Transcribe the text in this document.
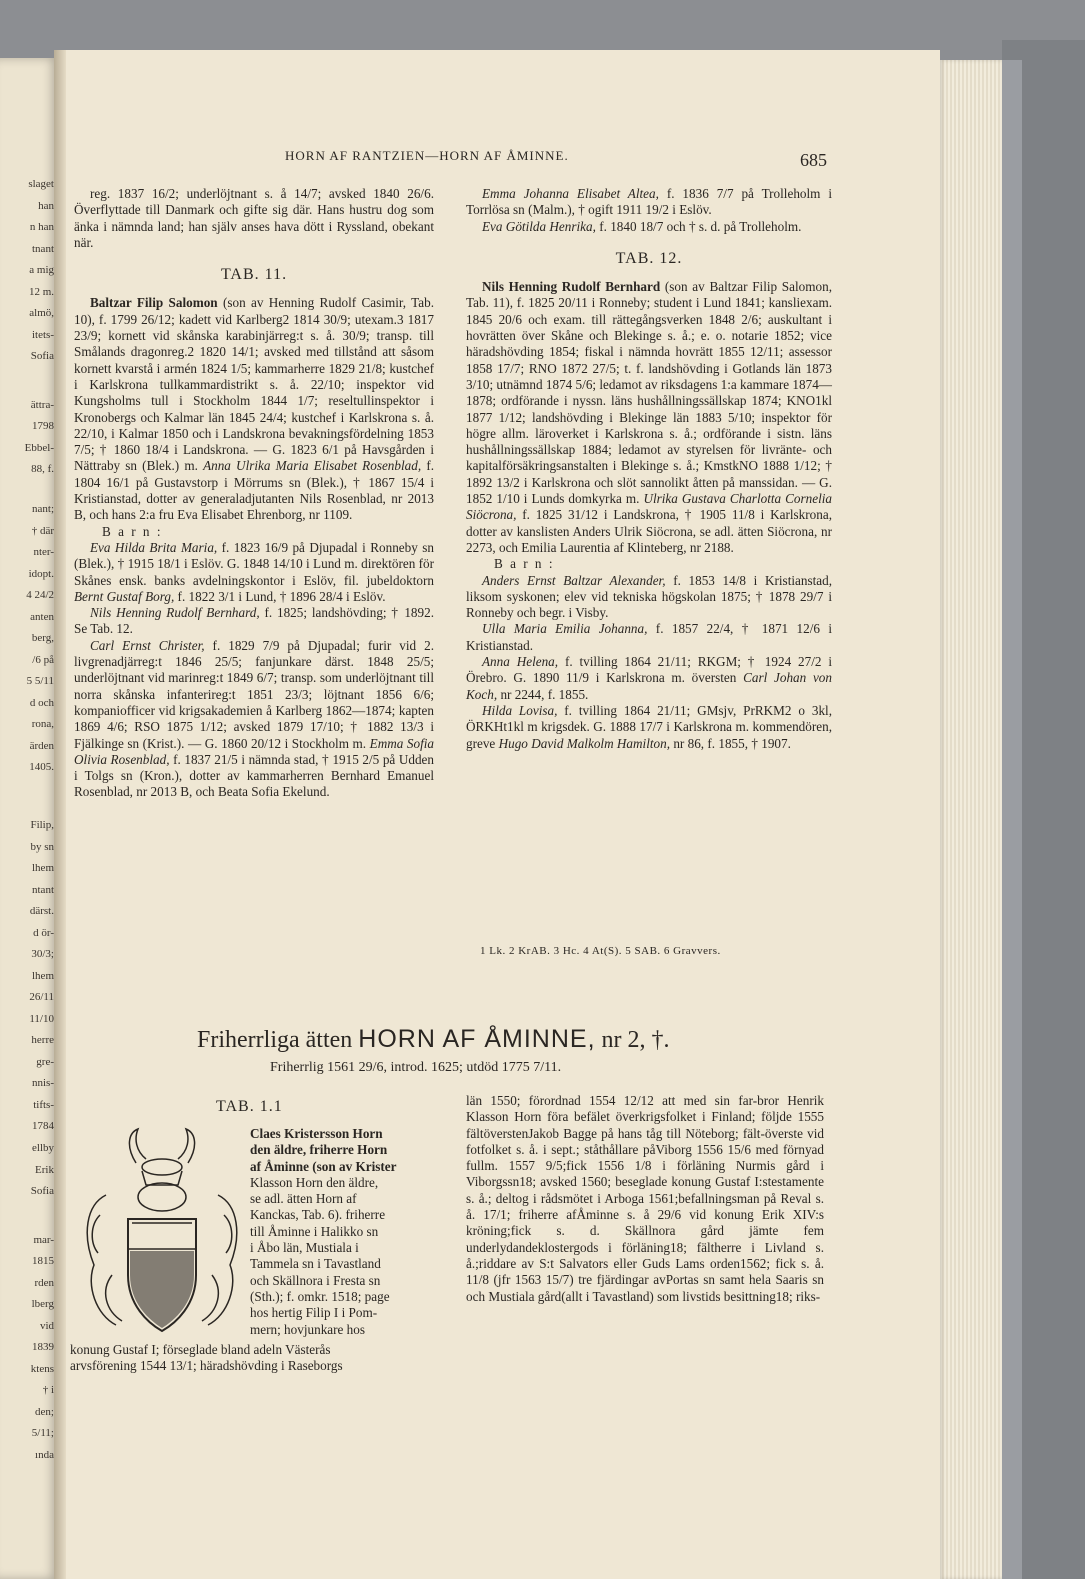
slaget
han
n han
tnant
a mig
12 m.
almö,
itets-
Sofia
ättra-
1798
Ebbel-
88, f.
nant;
† där
nter-
idopt.
4 24/2
anten
berg,
/6 på
5 5/11
d och
rona,
ärden
1405.
Filip,
by sn
lhem
ntant
därst.
d ör-
30/3;
lhem
26/11
11/10
herre
gre-
nnis-
tifts-
1784
ellby
Erik
Sofia
mar-
1815
rden
lberg
vid
1839
ktens
† i
den;
5/11;
ında
HORN AF RANTZIEN—HORN AF ÅMINNE.	685

reg. 1837 16/2; underlöjtnant s. å 14/7; avsked 1840 26/6. Överflyttade till Danmark och gifte sig där. Hans hustru dog som änka i nämnda land; han själv anses hava dött i Ryssland, obekant när.

TAB. 11.

Baltzar Filip Salomon (son av Henning Rudolf Casimir, Tab. 10), f. 1799 26/12; kadett vid Karlberg2 1814 30/9; utexam.3 1817 23/9; kornett vid skånska karabinjärreg:t s. å. 30/9; transp. till Smålands dragonreg.2 1820 14/1; avsked med tillstånd att såsom kornett kvarstå i armén 1824 1/5; kammarherre 1829 21/8; kustchef i Karlskrona tullkammardistrikt s. å. 22/10; inspektor vid Kungsholms tull i Stockholm 1844 1/7; reseltullinspektor i Kronobergs och Kalmar län 1845 24/4; kustchef i Karlskrona s. å. 22/10, i Kalmar 1850 och i Landskrona bevakningsfördelning 1853 7/5; † 1860 18/4 i Landskrona. — G. 1823 6/1 på Havsgården i Nättraby sn (Blek.) m. Anna Ulrika Maria Elisabet Rosenblad, f. 1804 16/1 på Gustavstorp i Mörrums sn (Blek.), † 1867 15/4 i Kristianstad, dotter av generaladjutanten Nils Rosenblad, nr 2013 B, och hans 2:a fru Eva Elisabet Ehrenborg, nr 1109.

B a r n :

Eva Hilda Brita Maria, f. 1823 16/9 på Djupadal i Ronneby sn (Blek.), † 1915 18/1 i Eslöv. G. 1848 14/10 i Lund m. direktören för Skånes ensk. banks avdelningskontor i Eslöv, fil. jubeldoktorn Bernt Gustaf Borg, f. 1822 3/1 i Lund, † 1896 28/4 i Eslöv.

Nils Henning Rudolf Bernhard, f. 1825; landshövding; † 1892. Se Tab. 12.

Carl Ernst Christer, f. 1829 7/9 på Djupadal; furir vid 2. livgrenadjärreg:t 1846 25/5; fanjunkare därst. 1848 25/5; underlöjtnant vid marinreg:t 1849 6/7; transp. som underlöjtnant till norra skånska infanterireg:t 1851 23/3; löjtnant 1856 6/6; kompaniofficer vid krigsakademien å Karlberg 1862—1874; kapten 1869 4/6; RSO 1875 1/12; avsked 1879 17/10; † 1882 13/3 i Fjälkinge sn (Krist.). — G. 1860 20/12 i Stockholm m. Emma Sofia Olivia Rosenblad, f. 1837 21/5 i nämnda stad, † 1915 2/5 på Udden i Tolgs sn (Kron.), dotter av kammarherren Bernhard Emanuel Rosenblad, nr 2013 B, och Beata Sofia Ekelund.

Emma Johanna Elisabet Altea, f. 1836 7/7 på Trolleholm i Torrlösa sn (Malm.), † ogift 1911 19/2 i Eslöv.

Eva Götilda Henrika, f. 1840 18/7 och † s. d. på Trolleholm.

TAB. 12.

Nils Henning Rudolf Bernhard (son av Baltzar Filip Salomon, Tab. 11), f. 1825 20/11 i Ronneby; student i Lund 1841; kansliexam. 1845 20/6 och exam. till rättegångsverken 1848 2/6; auskultant i hovrätten över Skåne och Blekinge s. å.; e. o. notarie 1852; vice häradshövding 1854; fiskal i nämnda hovrätt 1855 12/11; assessor 1858 17/7; RNO 1872 27/5; t. f. landshövding i Gotlands län 1873 3/10; utnämnd 1874 5/6; ledamot av riksdagens 1:a kammare 1874—1878; ordförande i nyssn. läns hushållningssällskap 1874; KNO1kl 1877 1/12; landshövding i Blekinge län 1883 5/10; inspektor för högre allm. läroverket i Karlskrona s. å.; ordförande i sistn. läns hushållningssällskap 1884; ledamot av styrelsen för livränte- och kapitalförsäkringsanstalten i Blekinge s. å.; KmstkNO 1888 1/12; † 1892 13/2 i Karlskrona och slöt sannolikt åtten på manssidan. — G. 1852 1/10 i Lunds domkyrka m. Ulrika Gustava Charlotta Cornelia Siöcrona, f. 1825 31/12 i Landskrona, † 1905 11/8 i Karlskrona, dotter av kanslisten Anders Ulrik Siöcrona, se adl. ätten Siöcrona, nr 2273, och Emilia Laurentia af Klinteberg, nr 2188.

B a r n :

Anders Ernst Baltzar Alexander, f. 1853 14/8 i Kristianstad, liksom syskonen; elev vid tekniska högskolan 1875; † 1878 29/7 i Ronneby och begr. i Visby.

Ulla Maria Emilia Johanna, f. 1857 22/4, † 1871 12/6 i Kristianstad.

Anna Helena, f. tvilling 1864 21/11; RKGM; † 1924 27/2 i Örebro. G. 1890 11/9 i Karlskrona m. översten Carl Johan von Koch, nr 2244, f. 1855.

Hilda Lovisa, f. tvilling 1864 21/11; GMsjv, PrRKM2 o 3kl, ÖRKHt1kl m krigsdek. G. 1888 17/7 i Karlskrona m. kommendören, greve Hugo David Malkolm Hamilton, nr 86, f. 1855, † 1907.

1 Lk. 2 KrAB. 3 Hc. 4 At(S). 5 SAB. 6 Gravvers.
Friherrliga ätten HORN AF ÅMINNE, nr 2, †.
Friherrlig 1561 29/6, introd. 1625; utdöd 1775 7/11.
TAB. 1.1
Claes Kristersson Horn
den äldre, friherre Horn
af Åminne (son av Krister
Klasson Horn den äldre,
se adl. ätten Horn af
Kanckas, Tab. 6). friherre
till Åminne i Halikko sn
i Åbo län, Mustiala i
Tammela sn i Tavastland
och Skällnora i Fresta sn
(Sth.); f. omkr. 1518; page
hos hertig Filip I i Pom-
mern; hovjunkare hos
konung Gustaf I; förseglade bland adeln Västerås
arvsförening 1544 13/1; häradshövding i Raseborgs
län 1550; förordnad 1554 12/12 att med sin far-bror Henrik Klasson Horn föra befälet överkrigsfolket i Finland; följde 1555 fältöverstenJakob Bagge på hans tåg till Nöteborg; fält-överste vid fotfolket s. å. i sept.; ståthållare påViborg 1556 15/6 med förnyad fullm. 1557 9/5;fick 1556 1/8 i förläning Nurmis gård i Viborgssn18; avsked 1560; beseglade konung Gustaf I:stestamente s. å.; deltog i rådsmötet i Arboga 1561;befallningsman på Reval s. å. 17/1; friherre afÅminne s. å 29/6 vid konung Erik XIV:s kröning;fick s. d. Skällnora gård jämte fem underlydandeklostergods i förläning18; fältherre i Livland s. å.;riddare av S:t Salvators eller Guds Lams orden1562; fick s. å. 11/8 (jfr 1563 15/7) tre fjärdingar avPortas sn samt hela Saaris sn och Mustiala gård(allt i Tavastland) som livstids besittning18; riks-
